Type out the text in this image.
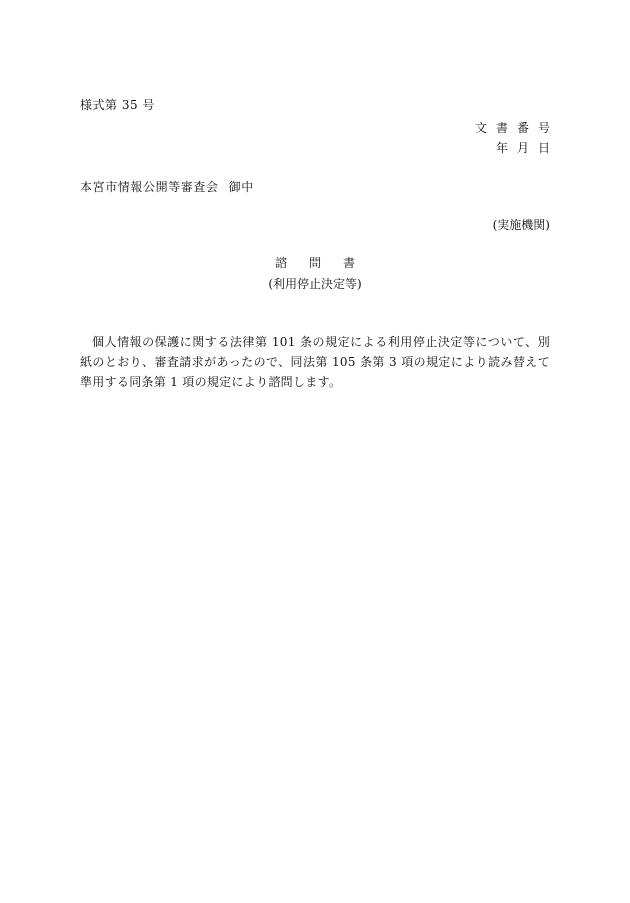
様式第 35 号
文書番号
年月日
本宮市情報公開等審査会 御中
(実施機関)
諮問書
(利用停止決定等)
個人情報の保護に関する法律第 101 条の規定による利用停止決定等について、別紙のとおり、審査請求があったので、同法第 105 条第 3 項の規定により読み替えて準用する同条第 1 項の規定により諮問します。
